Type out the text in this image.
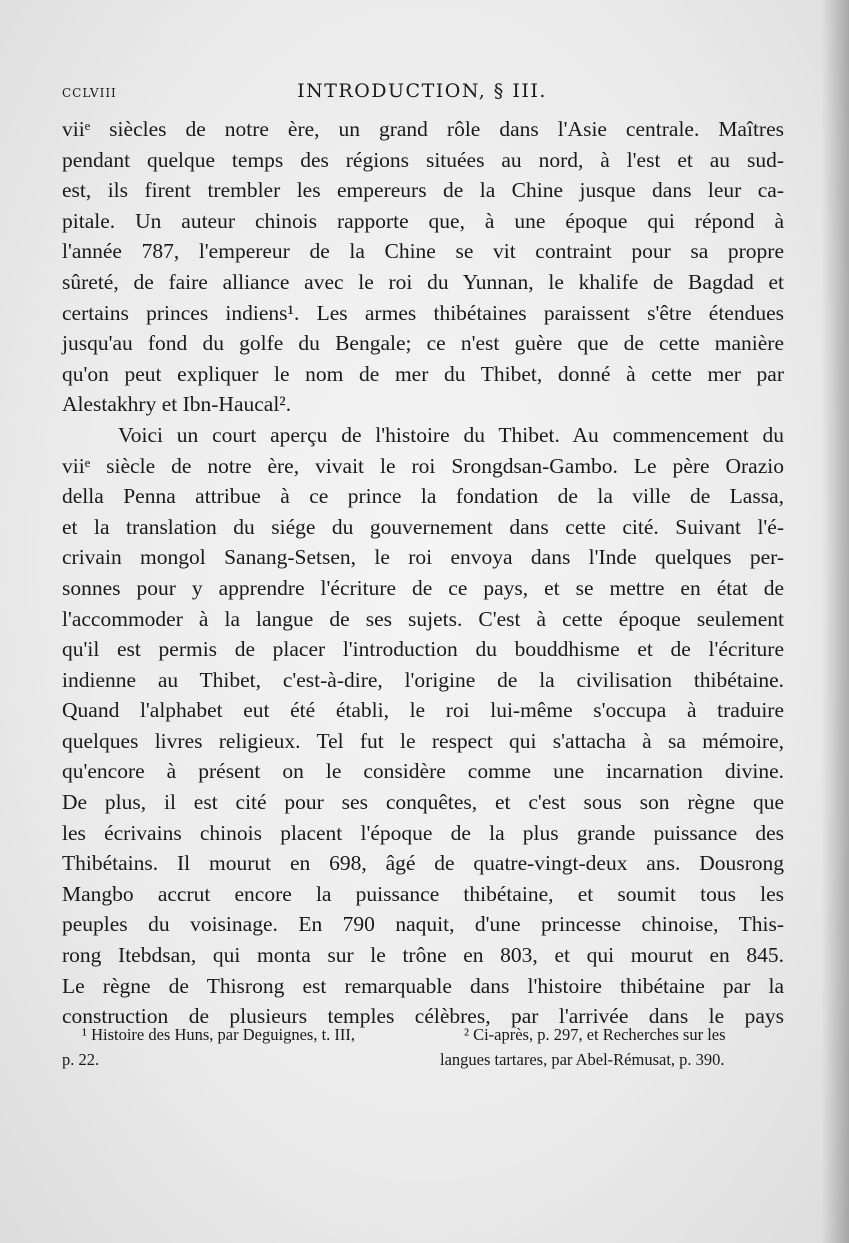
CCLVIII	INTRODUCTION, § III.
viiᵉ siècles de notre ère, un grand rôle dans l'Asie centrale. Maîtres
pendant quelque temps des régions situées au nord, à l'est et au sud-
est, ils firent trembler les empereurs de la Chine jusque dans leur ca-
pitale. Un auteur chinois rapporte que, à une époque qui répond à
l'année 787, l'empereur de la Chine se vit contraint pour sa propre
sûreté, de faire alliance avec le roi du Yunnan, le khalife de Bagdad et
certains princes indiens¹. Les armes thibétaines paraissent s'être étendues
jusqu'au fond du golfe du Bengale; ce n'est guère que de cette manière
qu'on peut expliquer le nom de mer du Thibet, donné à cette mer par
Alestakhry et Ibn-Haucal².
Voici un court aperçu de l'histoire du Thibet. Au commencement du
viiᵉ siècle de notre ère, vivait le roi Srongdsan-Gambo. Le père Orazio
della Penna attribue à ce prince la fondation de la ville de Lassa,
et la translation du siége du gouvernement dans cette cité. Suivant l'é-
crivain mongol Sanang-Setsen, le roi envoya dans l'Inde quelques per-
sonnes pour y apprendre l'écriture de ce pays, et se mettre en état de
l'accommoder à la langue de ses sujets. C'est à cette époque seulement
qu'il est permis de placer l'introduction du bouddhisme et de l'écriture
indienne au Thibet, c'est-à-dire, l'origine de la civilisation thibétaine.
Quand l'alphabet eut été établi, le roi lui-même s'occupa à traduire
quelques livres religieux. Tel fut le respect qui s'attacha à sa mémoire,
qu'encore à présent on le considère comme une incarnation divine.
De plus, il est cité pour ses conquêtes, et c'est sous son règne que
les écrivains chinois placent l'époque de la plus grande puissance des
Thibétains. Il mourut en 698, âgé de quatre-vingt-deux ans. Dousrong
Mangbo accrut encore la puissance thibétaine, et soumit tous les
peuples du voisinage. En 790 naquit, d'une princesse chinoise, This-
rong Itebdsan, qui monta sur le trône en 803, et qui mourut en 845.
Le règne de Thisrong est remarquable dans l'histoire thibétaine par la
construction de plusieurs temples célèbres, par l'arrivée dans le pays
¹ Histoire des Huns, par Deguignes, t. III,
p. 22.
² Ci-après, p. 297, et Recherches sur les
langues tartares, par Abel-Rémusat, p. 390.
